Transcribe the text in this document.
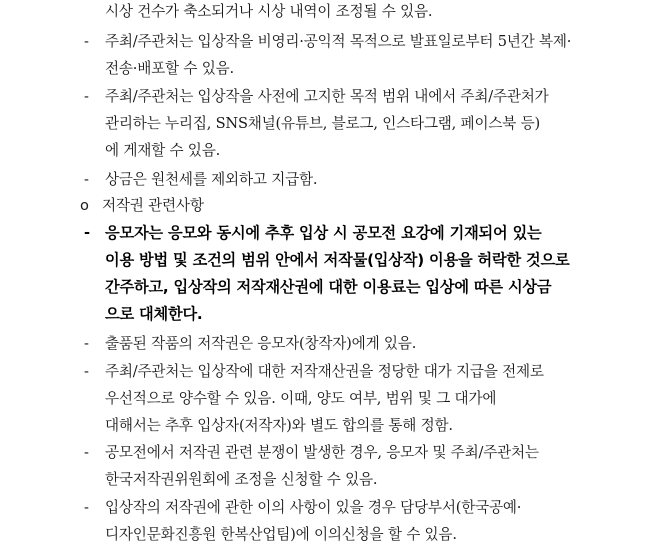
시상 건수가 축소되거나 시상 내역이 조정될 수 있음.
- 주최/주관처는 입상작을 비영리·공익적 목적으로 발표일로부터 5년간 복제·
전송·배포할 수 있음.
- 주최/주관처는 입상작을 사전에 고지한 목적 범위 내에서 주최/주관처가
관리하는 누리집, SNS채널(유튜브, 블로그, 인스타그램, 페이스북 등)
에 게재할 수 있음.
- 상금은 원천세를 제외하고 지급함.
o 저작권 관련사항
- 응모자는 응모와 동시에 추후 입상 시 공모전 요강에 기재되어 있는
이용 방법 및 조건의 범위 안에서 저작물(입상작) 이용을 허락한 것으로
간주하고, 입상작의 저작재산권에 대한 이용료는 입상에 따른 시상금
으로 대체한다.
- 출품된 작품의 저작권은 응모자(창작자)에게 있음.
- 주최/주관처는 입상작에 대한 저작재산권을 정당한 대가 지급을 전제로
우선적으로 양수할 수 있음. 이때, 양도 여부, 범위 및 그 대가에
대해서는 추후 입상자(저작자)와 별도 합의를 통해 정함.
- 공모전에서 저작권 관련 분쟁이 발생한 경우, 응모자 및 주최/주관처는
한국저작권위원회에 조정을 신청할 수 있음.
- 입상작의 저작권에 관한 이의 사항이 있을 경우 담당부서(한국공예·
디자인문화진흥원 한복산업팀)에 이의신청을 할 수 있음.
